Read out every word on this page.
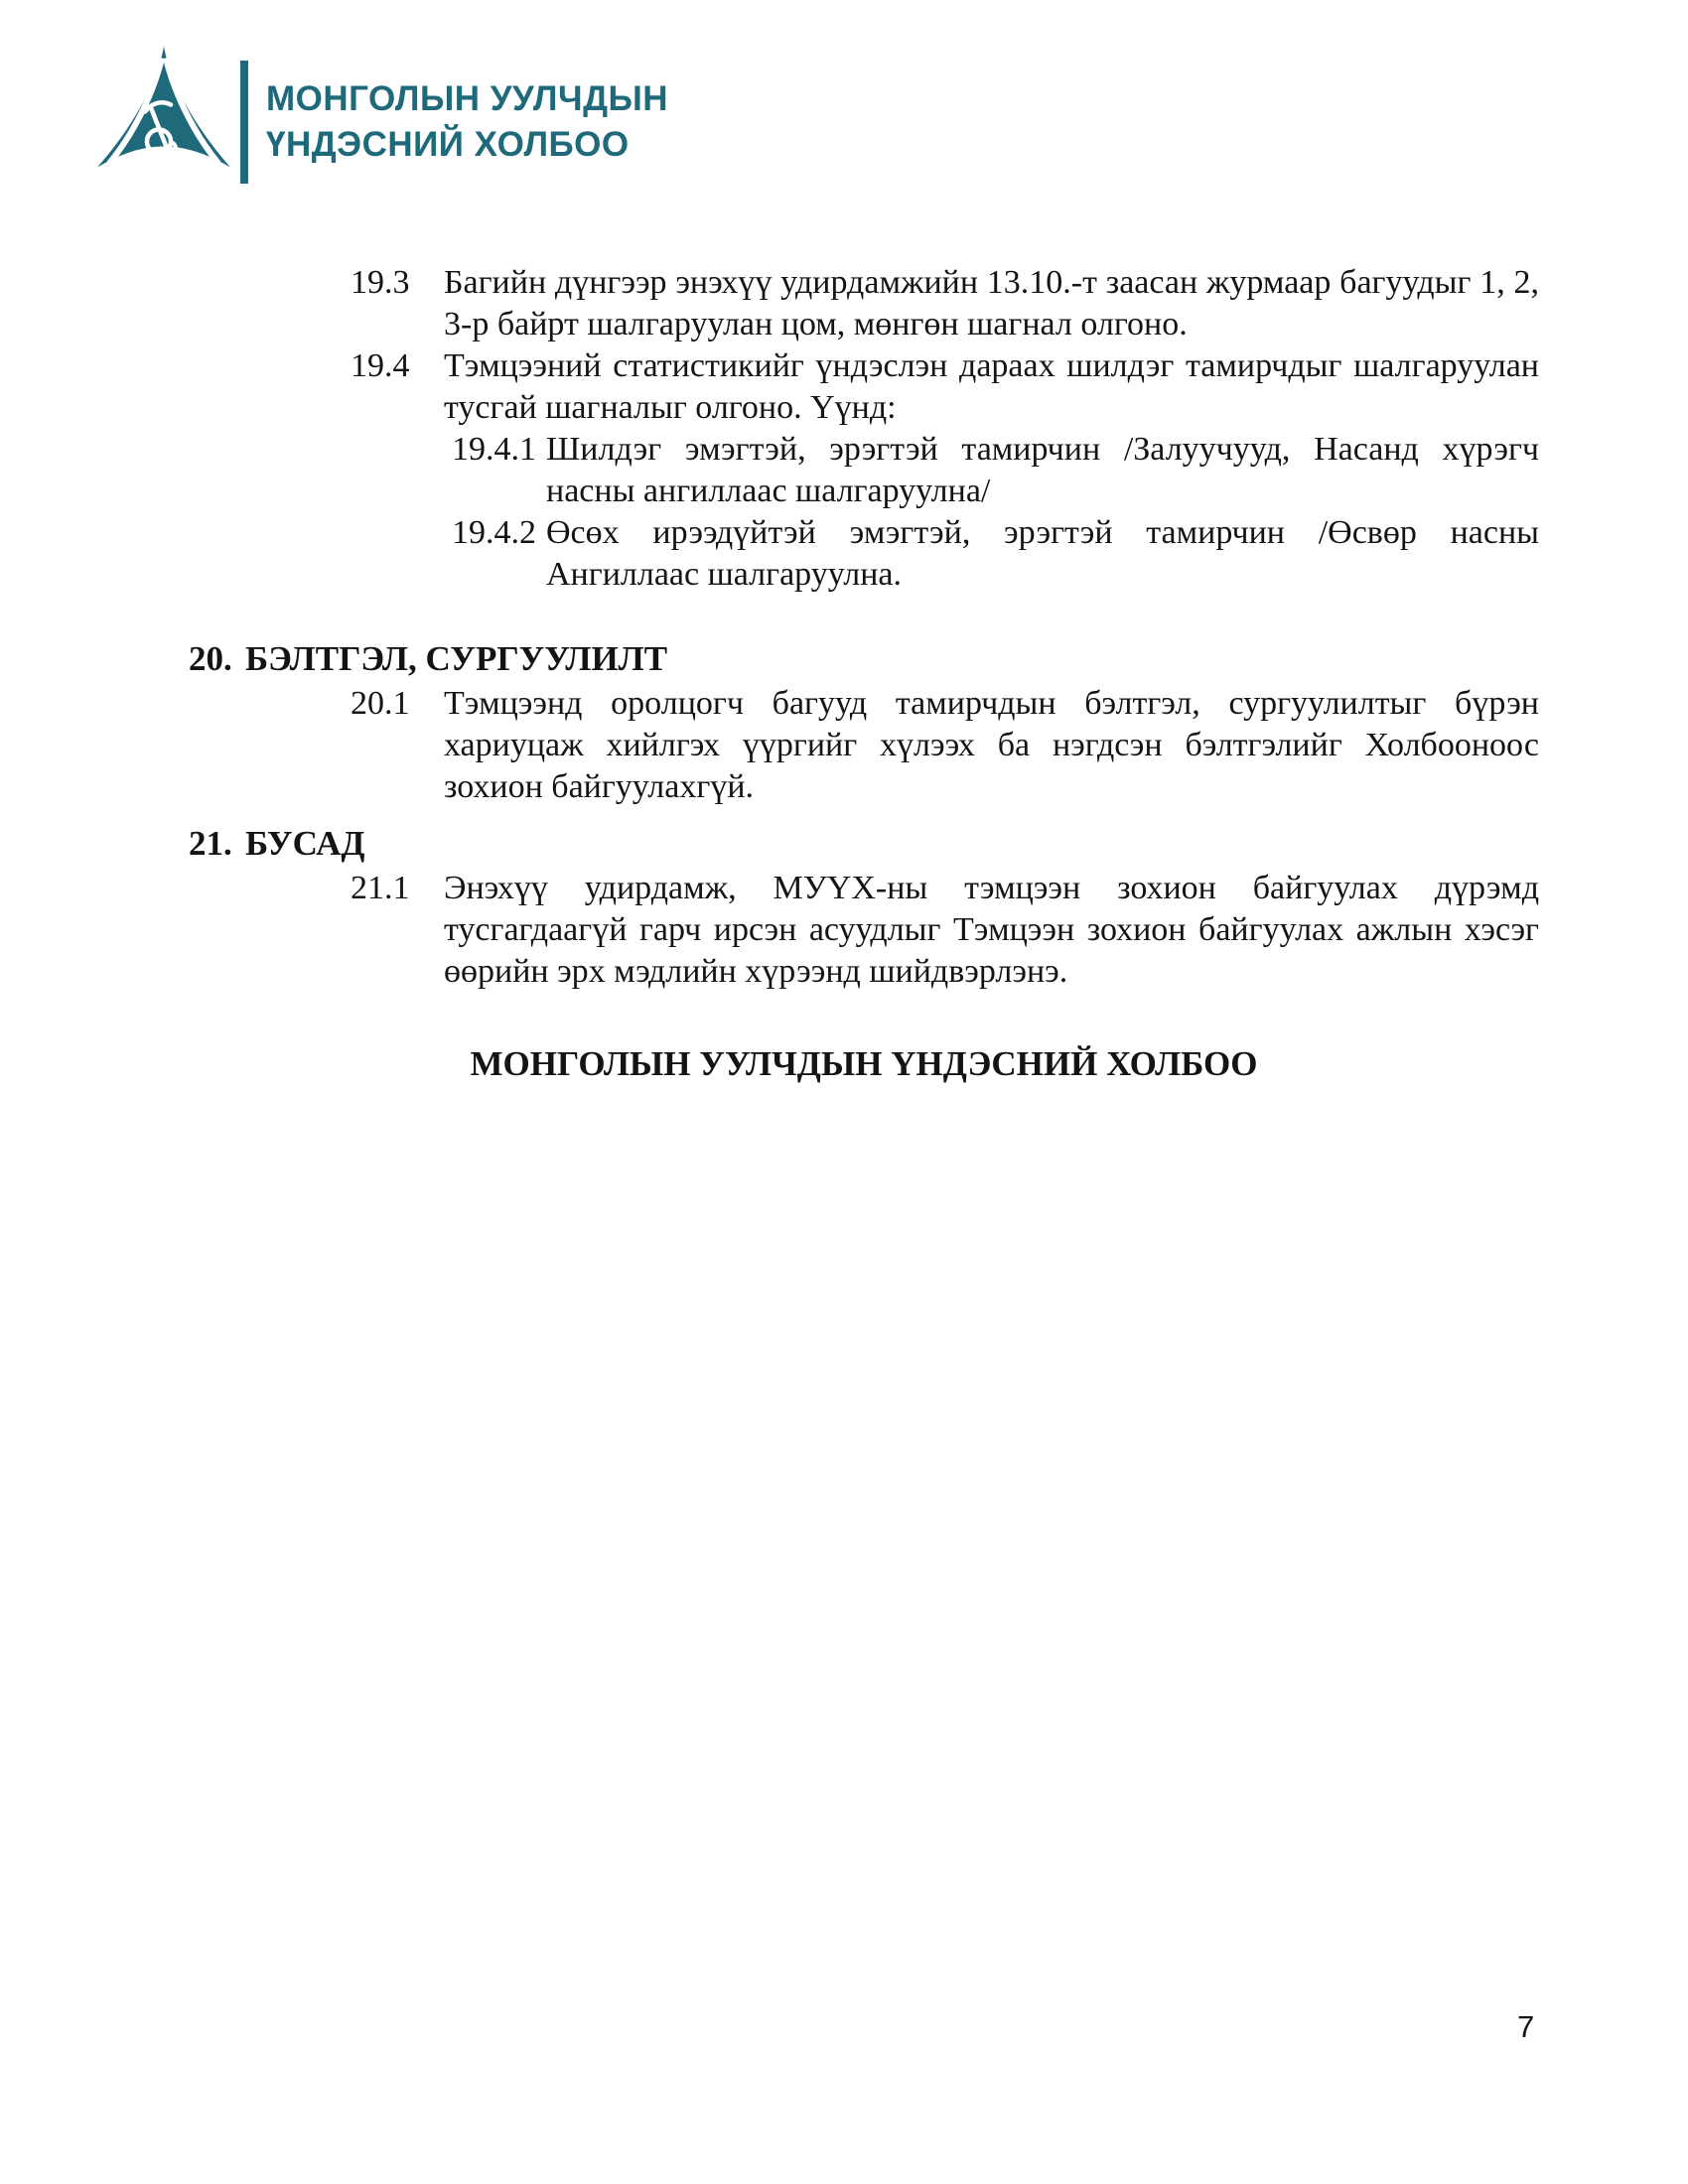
МОНГОЛЫН УУЛЧДЫН
ҮНДЭСНИЙ ХОЛБОО
19.3	Багийн дүнгээр энэхүү удирдамжийн 13.10.-т заасан журмаар багуудыг 1, 2, 3-р байрт шалгаруулан цом, мөнгөн шагнал олгоно.
19.4	Тэмцээний статистикийг үндэслэн дараах шилдэг тамирчдыг шалгаруулан тусгай шагналыг олгоно. Үүнд:
19.4.1 Шилдэг эмэгтэй, эрэгтэй тамирчин /Залуучууд, Насанд хүрэгч насны ангиллаас шалгаруулна/
19.4.2 Өсөх ирээдүйтэй эмэгтэй, эрэгтэй тамирчин /Өсвөр насны Ангиллаас шалгаруулна.
20. БЭЛТГЭЛ, СУРГУУЛИЛТ
20.1	Тэмцээнд оролцогч багууд тамирчдын бэлтгэл, сургуулилтыг бүрэн хариуцаж хийлгэх үүргийг хүлээх ба нэгдсэн бэлтгэлийг Холбооноос зохион байгуулахгүй.
21. БУСАД
21.1	Энэхүү удирдамж, МУҮХ-ны тэмцээн зохион байгуулах дүрэмд тусгагдаагүй гарч ирсэн асуудлыг Тэмцээн зохион байгуулах ажлын хэсэг өөрийн эрх мэдлийн хүрээнд шийдвэрлэнэ.
МОНГОЛЫН УУЛЧДЫН ҮНДЭСНИЙ ХОЛБОО
7
